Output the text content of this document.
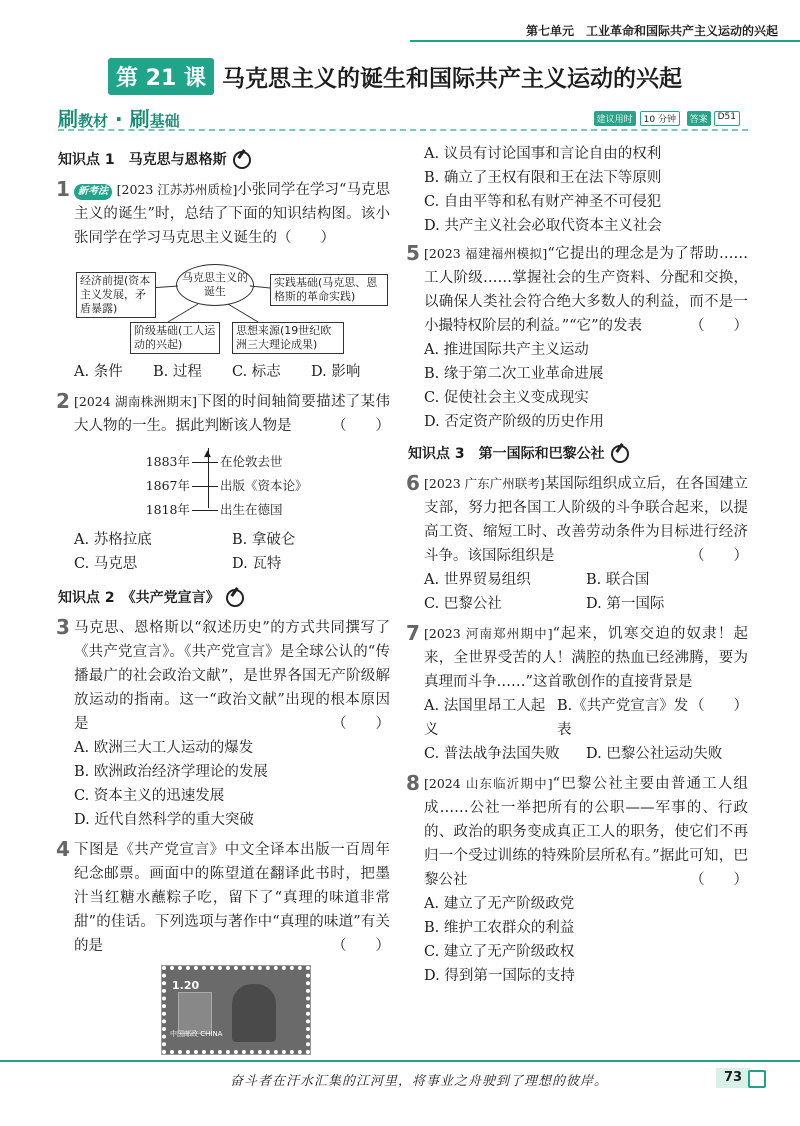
第七单元　工业革命和国际共产主义运动的兴起
第 21 课 马克思主义的诞生和国际共产主义运动的兴起
刷教材 · 刷基础	建议用时	10 分钟	答案	D51
知识点 1　马克思与恩格斯
1 新考法 [2023 江苏苏州质检]小张同学在学习“马克思主义的诞生”时，总结了下面的知识结构图。该小张同学在学习马克思主义诞生的（　　）
马克思主义的诞生
经济前提(资本主义发展，矛盾暴露)
实践基础(马克思、恩格斯的革命实践)
阶级基础(工人运动的兴起)
思想来源(19世纪欧洲三大理论成果)
A. 条件	B. 过程	C. 标志	D. 影响
2 [2024 湖南株洲期末]下图的时间轴简要描述了某伟大人物的一生。据此判断该人物是	（　　）
▲
1883年 在伦敦去世
1867年 出版《资本论》
1818年 出生在德国
A. 苏格拉底	B. 拿破仑
C. 马克思	D. 瓦特
知识点 2　《共产党宣言》
3 马克思、恩格斯以“叙述历史”的方式共同撰写了《共产党宣言》。《共产党宣言》是全球公认的“传播最广的社会政治文献”，是世界各国无产阶级解放运动的指南。这一“政治文献”出现的根本原因是	（　　）
A. 欧洲三大工人运动的爆发
B. 欧洲政治经济学理论的发展
C. 资本主义的迅速发展
D. 近代自然科学的重大突破
4 下图是《共产党宣言》中文全译本出版一百周年纪念邮票。画面中的陈望道在翻译此书时，把墨汁当红糖水蘸粽子吃，留下了“真理的味道非常甜”的佳话。下列选项与著作中“真理的味道”有关的是	（　　）
1.20
中国邮政 CHINA
A. 议员有讨论国事和言论自由的权利
B. 确立了王权有限和王在法下等原则
C. 自由平等和私有财产神圣不可侵犯
D. 共产主义社会必取代资本主义社会
5 [2023 福建福州模拟]“它提出的理念是为了帮助……工人阶级……掌握社会的生产资料、分配和交换，以确保人类社会符合绝大多数人的利益，而不是一小撮特权阶层的利益。”“它”的发表	（　　）
A. 推进国际共产主义运动
B. 缘于第二次工业革命进展
C. 促使社会主义变成现实
D. 否定资产阶级的历史作用
知识点 3　第一国际和巴黎公社
6 [2023 广东广州联考]某国际组织成立后，在各国建立支部，努力把各国工人阶级的斗争联合起来，以提高工资、缩短工时、改善劳动条件为目标进行经济斗争。该国际组织是	（　　）
A. 世界贸易组织	B. 联合国
C. 巴黎公社	D. 第一国际
7 [2023 河南郑州期中]“起来，饥寒交迫的奴隶！起来，全世界受苦的人！满腔的热血已经沸腾，要为真理而斗争……”这首歌创作的直接背景是
（　　）
A. 法国里昂工人起义
B.《共产党宣言》发表
C. 普法战争法国失败	D. 巴黎公社运动失败
8 [2024 山东临沂期中]“巴黎公社主要由普通工人组成……公社一举把所有的公职——军事的、行政的、政治的职务变成真正工人的职务，使它们不再归一个受过训练的特殊阶层所私有。”据此可知，巴黎公社	（　　）
A. 建立了无产阶级政党
B. 维护工农群众的利益
C. 建立了无产阶级政权
D. 得到第一国际的支持
奋斗者在汗水汇集的江河里，将事业之舟驶到了理想的彼岸。	73
